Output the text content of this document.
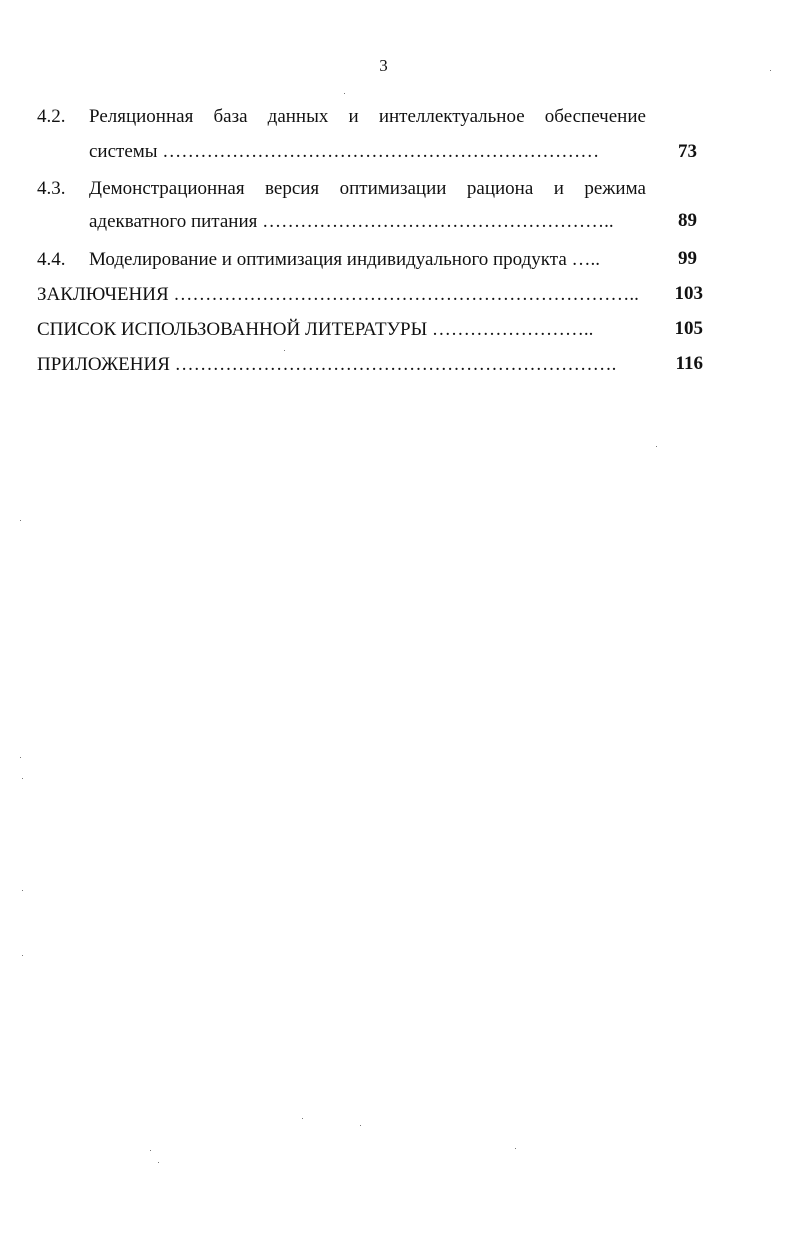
3
4.2. Реляционная база данных и интеллектуальное обеспечение
системы ……………………………………………………………	73
4.3. Демонстрационная версия оптимизации рациона и режима
адекватного питания ………………………………………………..	89
4.4. Моделирование и оптимизация индивидуального продукта …..	99
ЗАКЛЮЧЕНИЯ ………………………………………………………………..	103
СПИСОК ИСПОЛЬЗОВАННОЙ ЛИТЕРАТУРЫ ……………………..	105
ПРИЛОЖЕНИЯ …………………………………………………………….	116
